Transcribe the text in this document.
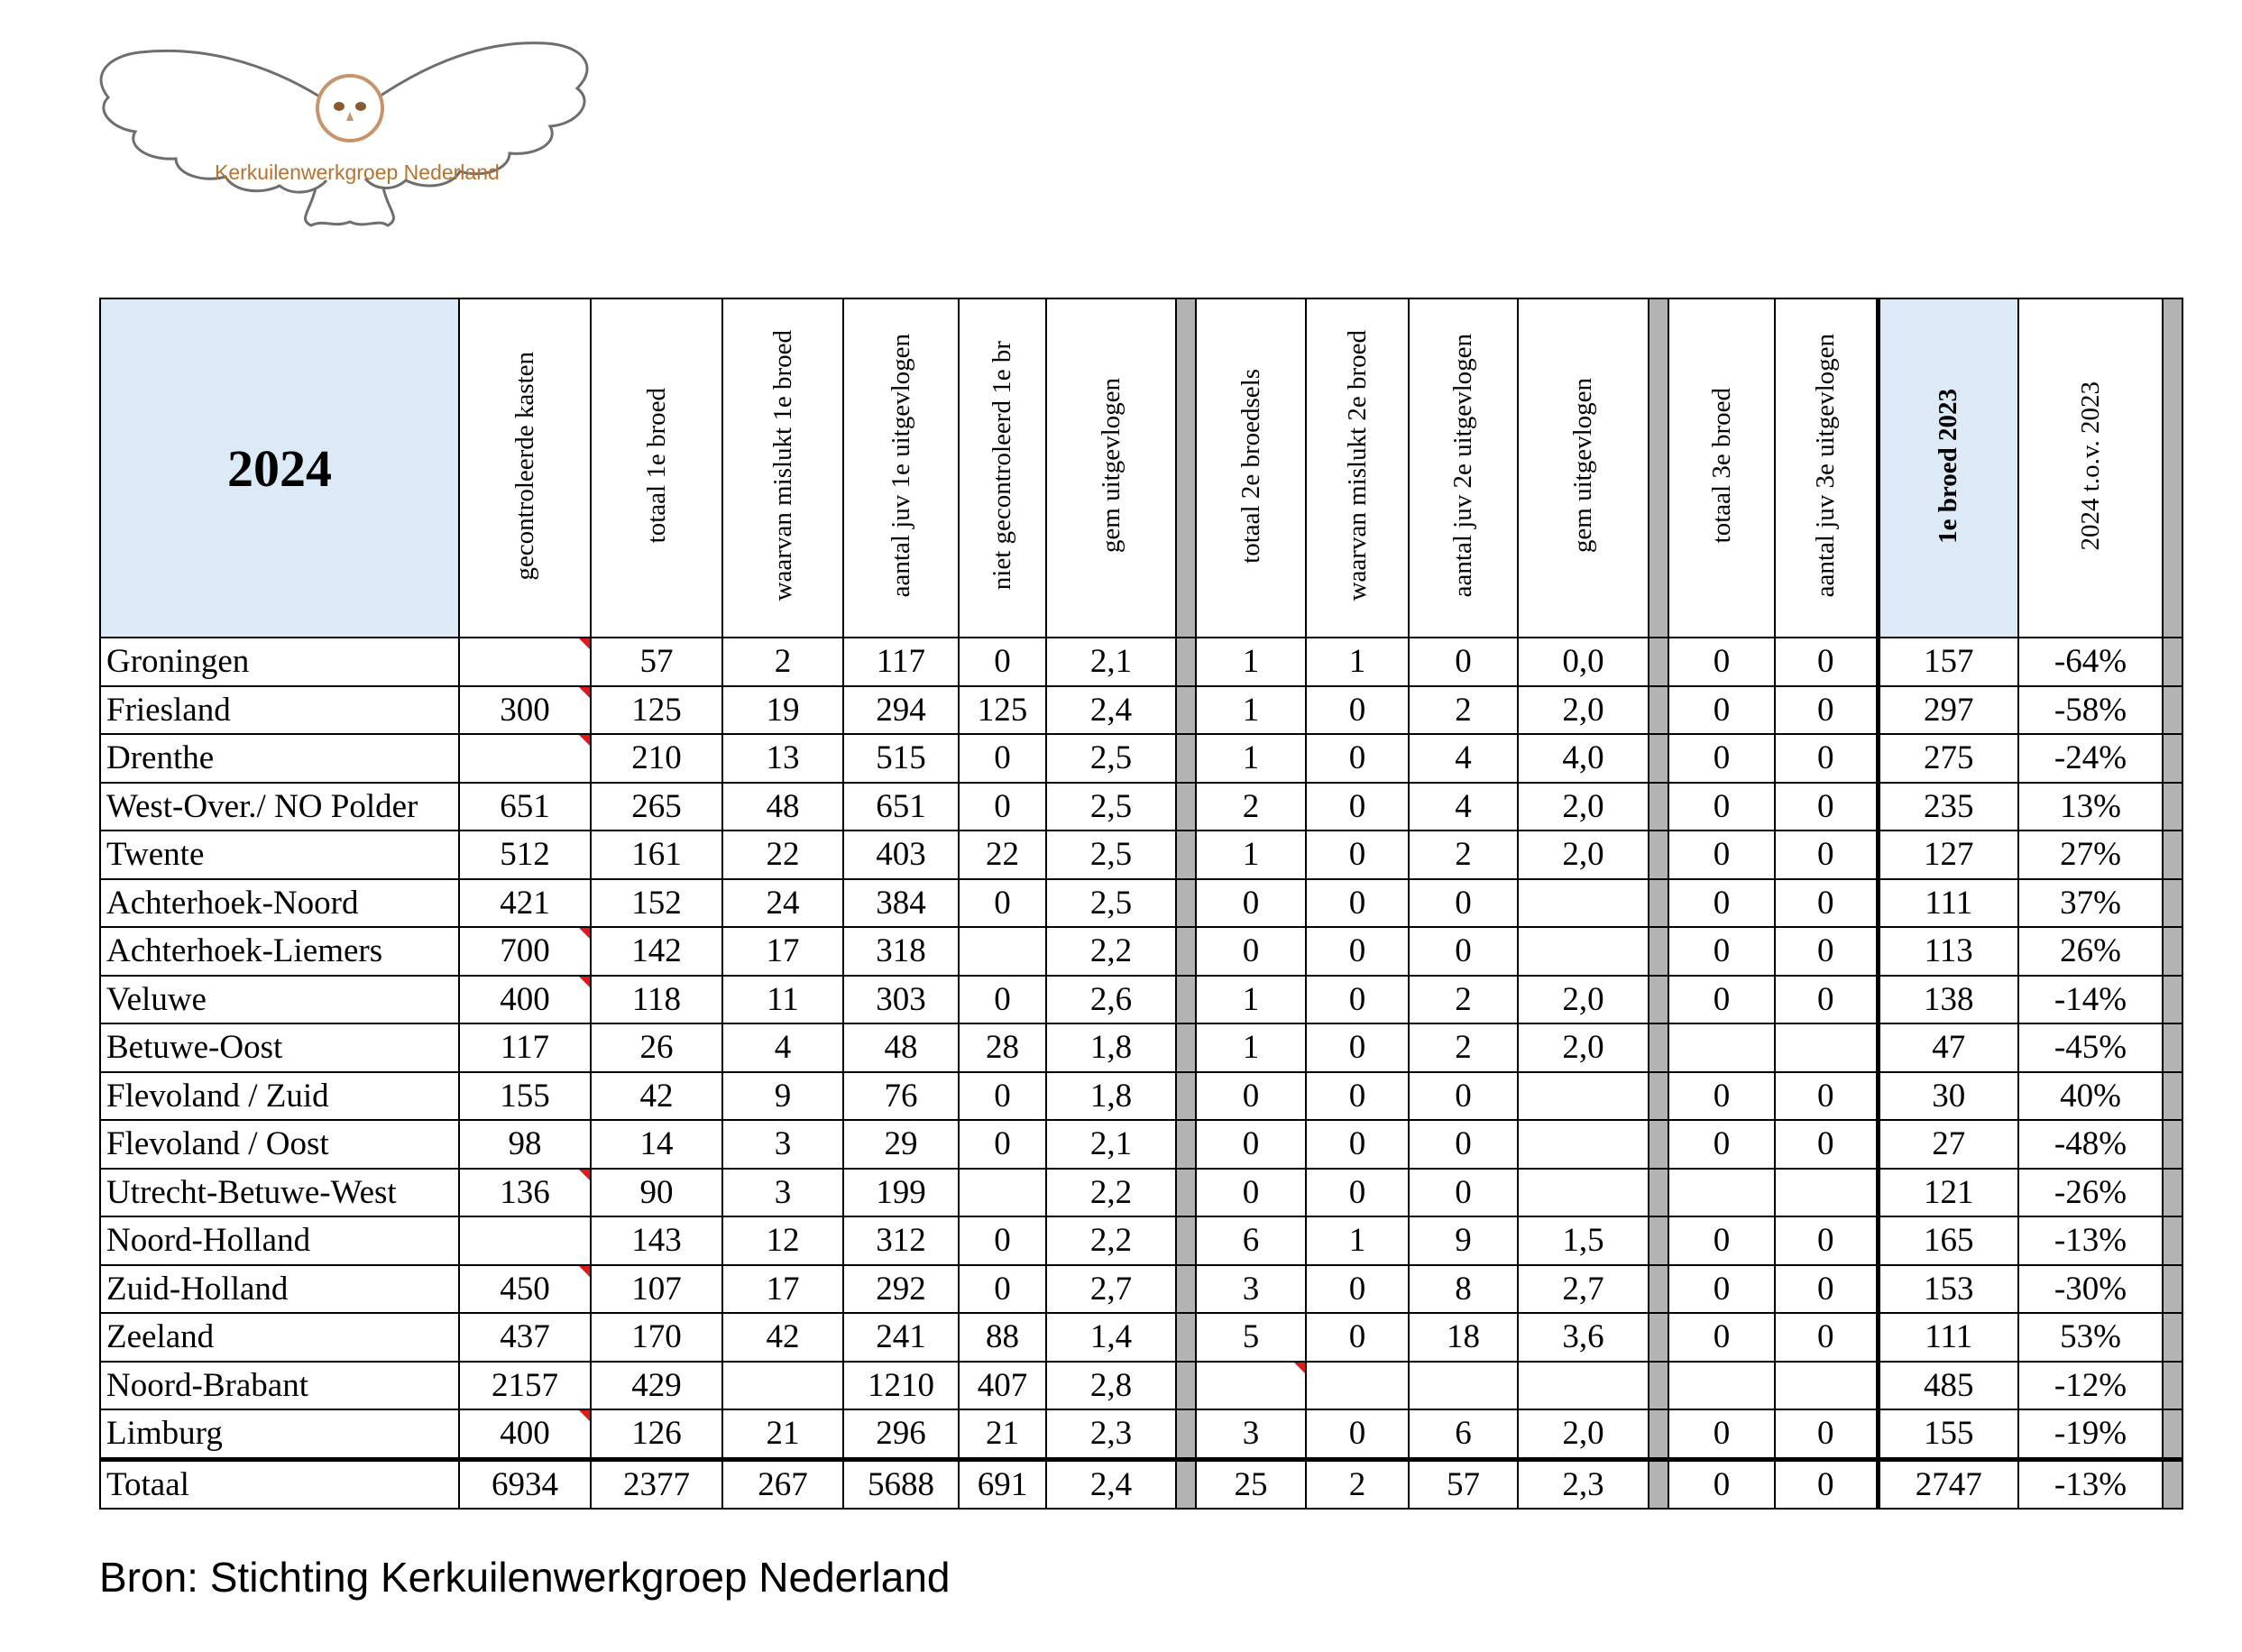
Kerkuilenwerkgroep Nederland
2024	gecontroleerde kasten	totaal 1e broed	waarvan mislukt 1e broed	aantal juv 1e uitgevlogen	niet gecontroleerd 1e br	gem uitgevlogen		totaal 2e broedsels	waarvan mislukt 2e broed	aantal juv 2e uitgevlogen	gem uitgevlogen		totaal 3e broed	aantal juv 3e uitgevlogen	1e broed 2023	2024 t.o.v. 2023	
Groningen		57	2	117	0	2,1		1	1	0	0,0		0	0	157	-64%	
Friesland	300	125	19	294	125	2,4		1	0	2	2,0		0	0	297	-58%	
Drenthe		210	13	515	0	2,5		1	0	4	4,0		0	0	275	-24%	
West-Over./ NO Polder	651	265	48	651	0	2,5		2	0	4	2,0		0	0	235	13%	
Twente	512	161	22	403	22	2,5		1	0	2	2,0		0	0	127	27%	
Achterhoek-Noord	421	152	24	384	0	2,5		0	0	0			0	0	111	37%	
Achterhoek-Liemers	700	142	17	318		2,2		0	0	0			0	0	113	26%	
Veluwe	400	118	11	303	0	2,6		1	0	2	2,0		0	0	138	-14%	
Betuwe-Oost	117	26	4	48	28	1,8		1	0	2	2,0				47	-45%	
Flevoland / Zuid	155	42	9	76	0	1,8		0	0	0			0	0	30	40%	
Flevoland / Oost	98	14	3	29	0	2,1		0	0	0			0	0	27	-48%	
Utrecht-Betuwe-West	136	90	3	199		2,2		0	0	0					121	-26%	
Noord-Holland		143	12	312	0	2,2		6	1	9	1,5		0	0	165	-13%	
Zuid-Holland	450	107	17	292	0	2,7		3	0	8	2,7		0	0	153	-30%	
Zeeland	437	170	42	241	88	1,4		5	0	18	3,6		0	0	111	53%	
Noord-Brabant	2157	429		1210	407	2,8									485	-12%	
Limburg	400	126	21	296	21	2,3		3	0	6	2,0		0	0	155	-19%	
Totaal	6934	2377	267	5688	691	2,4		25	2	57	2,3		0	0	2747	-13%	
Bron: Stichting Kerkuilenwerkgroep Nederland
